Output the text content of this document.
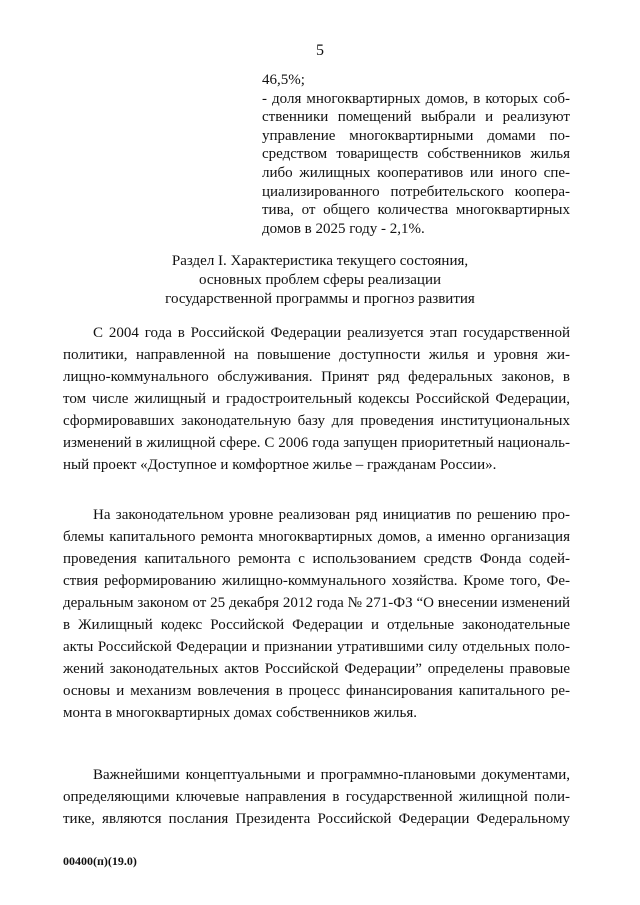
5
46,5%;
- доля многоквартирных домов, в которых соб-
ственники помещений выбрали и реализуют
управление многоквартирными домами по-
средством товариществ собственников жилья
либо жилищных кооперативов или иного спе-
циализированного потребительского коопера-
тива, от общего количества многоквартирных
домов в 2025 году - 2,1%.
Раздел I. Характеристика текущего состояния,
основных проблем сферы реализации
государственной программы и прогноз развития
С 2004 года в Российской Федерации реализуется этап государственной
политики, направленной на повышение доступности жилья и уровня жи-
лищно-коммунального обслуживания. Принят ряд федеральных законов, в
том числе жилищный и градостроительный кодексы Российской Федерации,
сформировавших законодательную базу для проведения институциональных
изменений в жилищной сфере. С 2006 года запущен приоритетный националь-
ный проект «Доступное и комфортное жилье – гражданам России».
На законодательном уровне реализован ряд инициатив по решению про-
блемы капитального ремонта многоквартирных домов, а именно организация
проведения капитального ремонта с использованием средств Фонда содей-
ствия реформированию жилищно-коммунального хозяйства. Кроме того, Фе-
деральным законом от 25 декабря 2012 года № 271-ФЗ “О внесении изменений
в Жилищный кодекс Российской Федерации и отдельные законодательные
акты Российской Федерации и признании утратившими силу отдельных поло-
жений законодательных актов Российской Федерации” определены правовые
основы и механизм вовлечения в процесс финансирования капитального ре-
монта в многоквартирных домах собственников жилья.
Важнейшими концептуальными и программно-плановыми документами,
определяющими ключевые направления в государственной жилищной поли-
тике, являются послания Президента Российской Федерации Федеральному
00400(п)(19.0)
